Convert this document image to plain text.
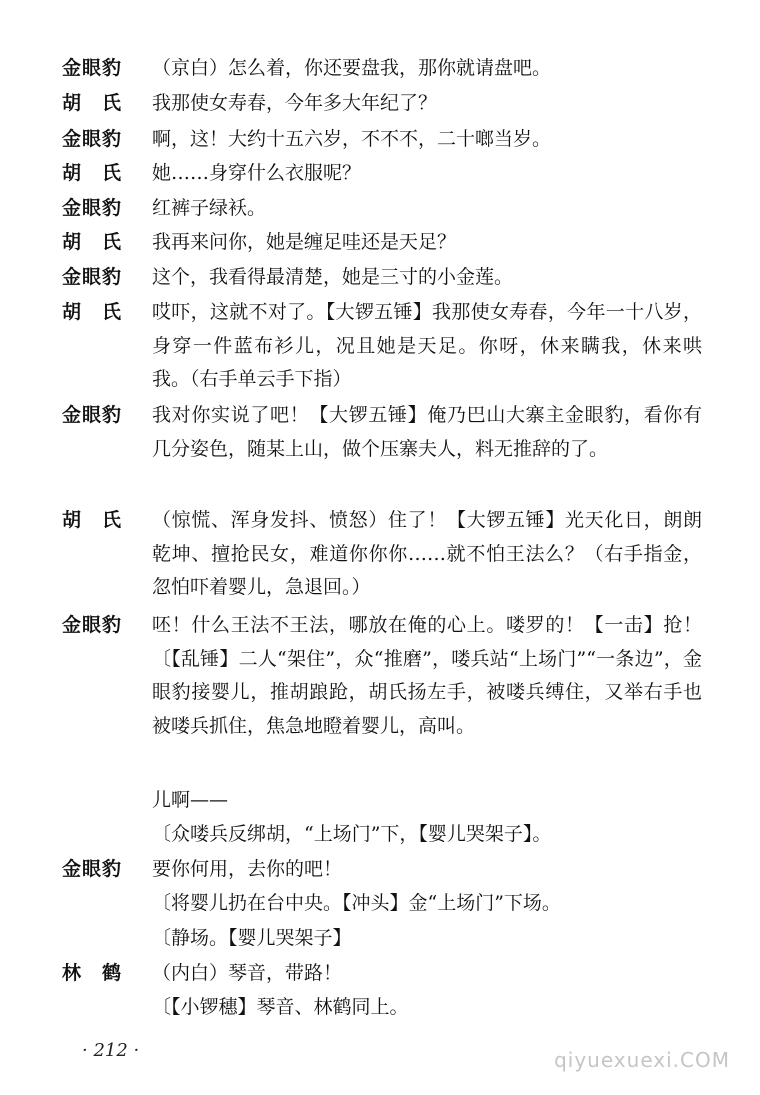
金眼豹	（京白）怎么着，你还要盘我，那你就请盘吧。
胡　氏	我那使女寿春，今年多大年纪了？
金眼豹	啊，这！大约十五六岁，不不不，二十啷当岁。
胡　氏	她……身穿什么衣服呢？
金眼豹	红裤子绿袄。
胡　氏	我再来问你，她是缠足哇还是天足？
金眼豹	这个，我看得最清楚，她是三寸的小金莲。
胡　氏	哎吓，这就不对了。【大锣五锤】我那使女寿春，今年一十八岁，身穿一件蓝布衫儿，况且她是天足。你呀，休来瞒我，休来哄我。（右手单云手下指）
金眼豹	我对你实说了吧！【大锣五锤】俺乃巴山大寨主金眼豹，看你有几分姿色，随某上山，做个压寨夫人，料无推辞的了。
胡　氏	（惊慌、浑身发抖、愤怒）住了！【大锣五锤】光天化日，朗朗乾坤、擅抢民女，难道你你你……就不怕王法么？（右手指金，忽怕吓着婴儿，急退回。）
金眼豹	呸！什么王法不王法，哪放在俺的心上。喽罗的！【一击】抢！〔【乱锤】二人“架住”，众“推磨”，喽兵站“上场门”“一条边”，金眼豹接婴儿，推胡踉跄，胡氏扬左手，被喽兵缚住，又举右手也被喽兵抓住，焦急地瞪着婴儿，高叫。
儿啊——
〔众喽兵反绑胡，“上场门”下，【婴儿哭架子】。
金眼豹	要你何用，去你的吧！
〔将婴儿扔在台中央。【冲头】金“上场门”下场。
〔静场。【婴儿哭架子】
林　鹤	（内白）琴音，带路！
〔【小锣穗】琴音、林鹤同上。
· 212 ·	qiyuexuexi.COM
